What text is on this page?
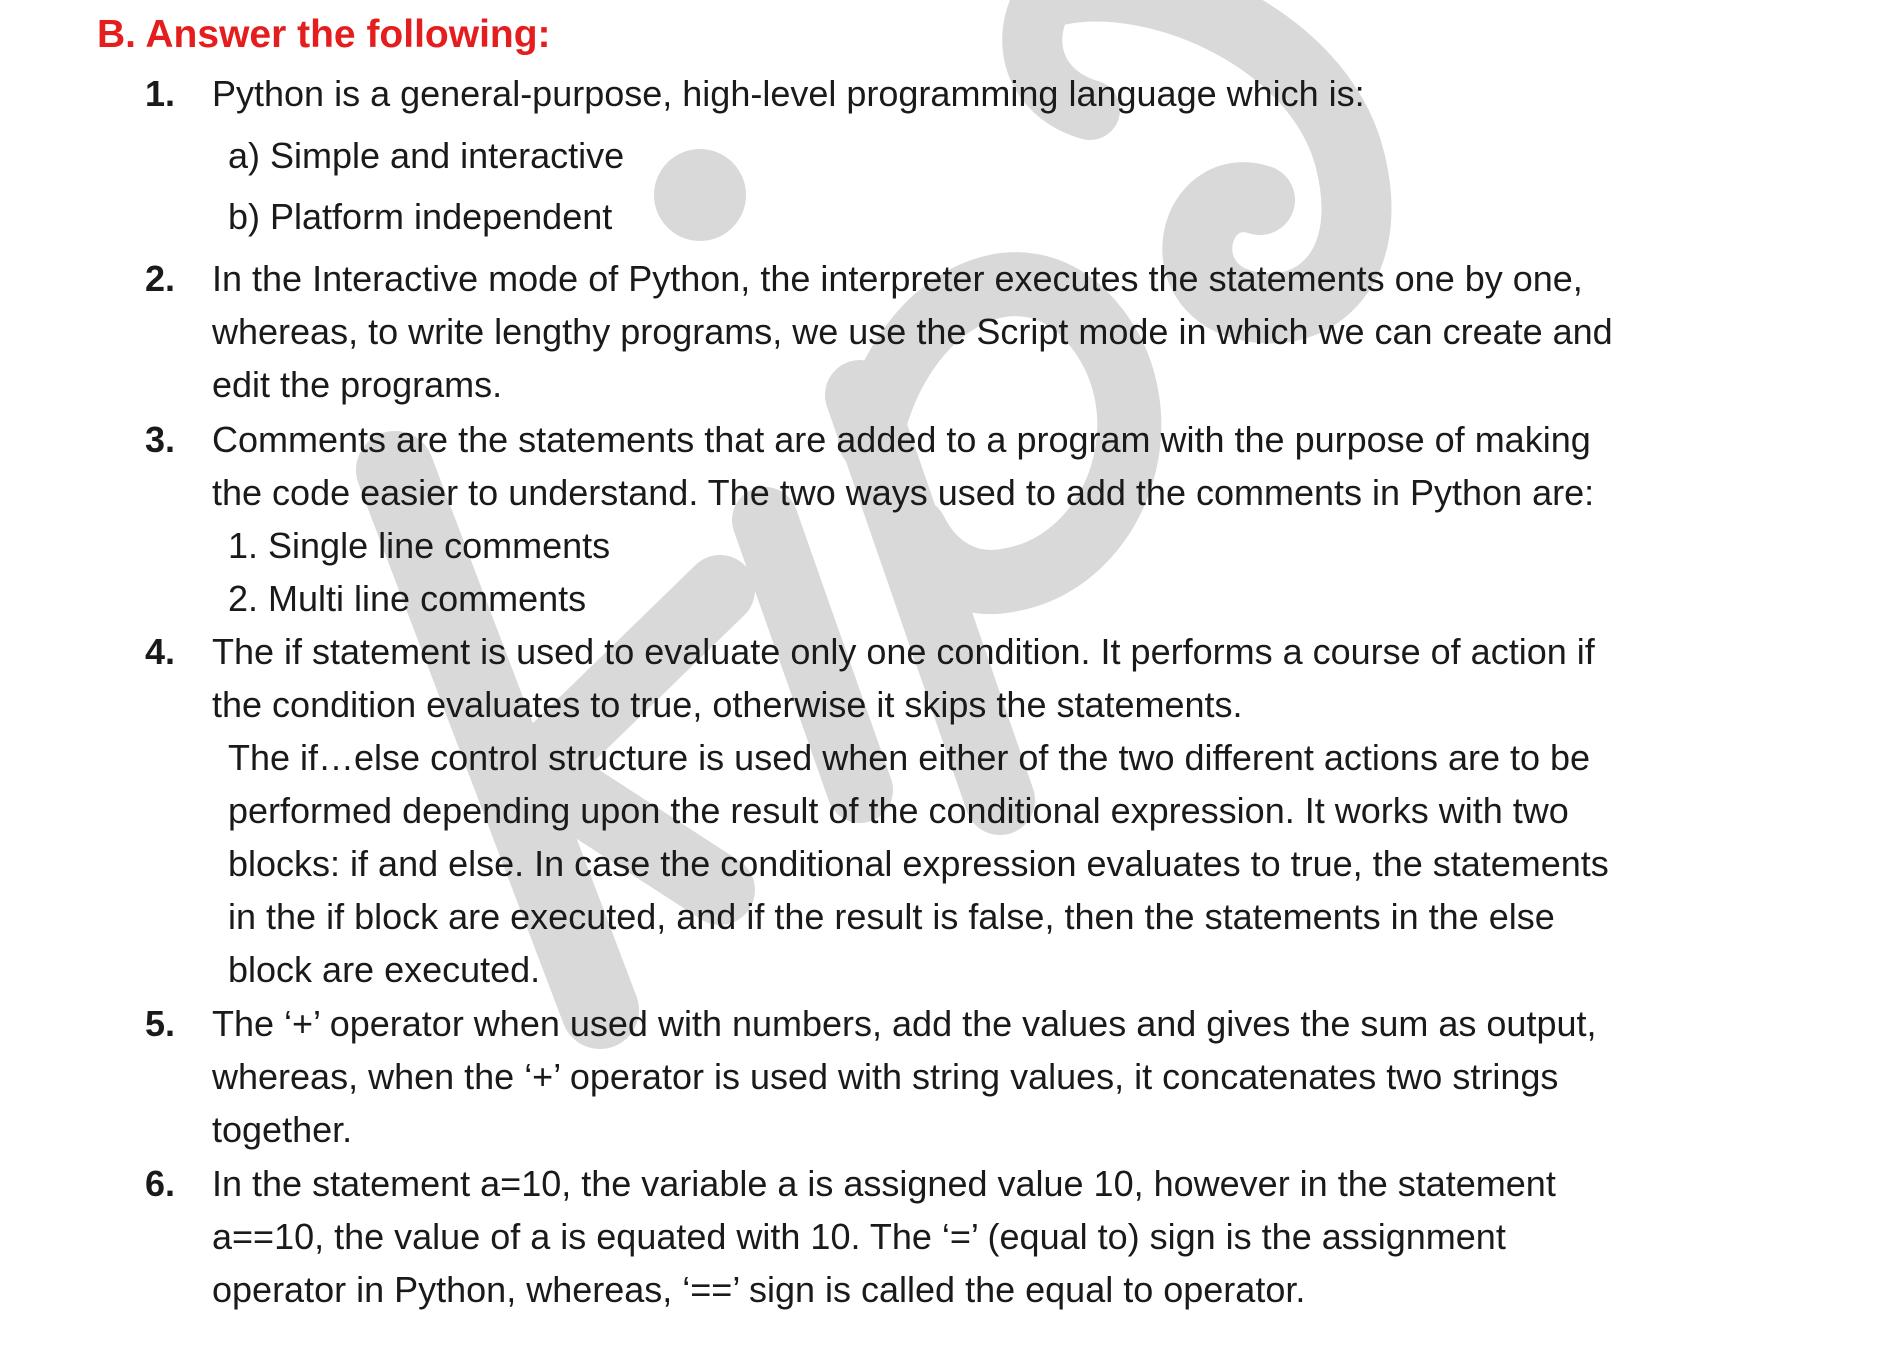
B. Answer the following:
1. Python is a general-purpose, high-level programming language which is:
a) Simple and interactive
b) Platform independent
2. In the Interactive mode of Python, the interpreter executes the statements one by one,
whereas, to write lengthy programs, we use the Script mode in which we can create and
edit the programs.
3. Comments are the statements that are added to a program with the purpose of making
the code easier to understand. The two ways used to add the comments in Python are:
1. Single line comments
2. Multi line comments
4. The if statement is used to evaluate only one condition. It performs a course of action if
the condition evaluates to true, otherwise it skips the statements.
The if…else control structure is used when either of the two different actions are to be
performed depending upon the result of the conditional expression. It works with two
blocks: if and else. In case the conditional expression evaluates to true, the statements
in the if block are executed, and if the result is false, then the statements in the else
block are executed.
5. The ‘+’ operator when used with numbers, add the values and gives the sum as output,
whereas, when the ‘+’ operator is used with string values, it concatenates two strings
together.
6. In the statement a=10, the variable a is assigned value 10, however in the statement
a==10, the value of a is equated with 10. The ‘=’ (equal to) sign is the assignment
operator in Python, whereas, ‘==’ sign is called the equal to operator.
